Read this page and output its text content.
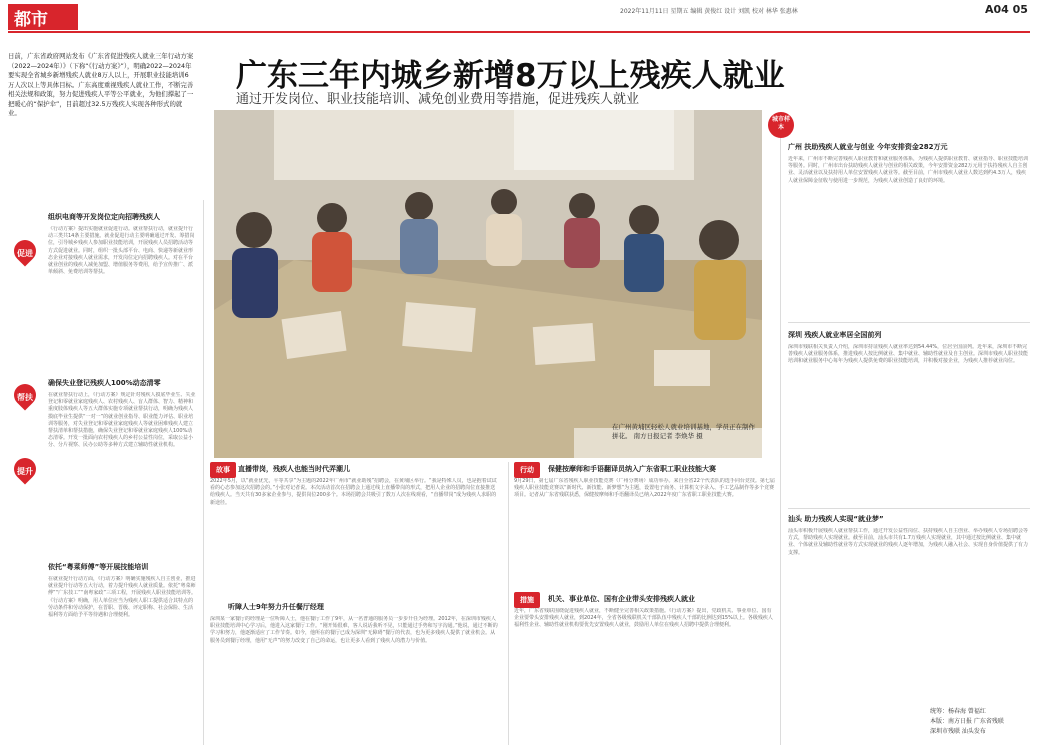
都市	2022年11月11日 星期五 编辑 黄俊红 设计 刘凯 校对 林华 张惠林	A04 05
日前，广东省政府网站发布《广东省促进残疾人就业三年行动方案（2022—2024年）》（下称“《行动方案》”），明确2022—2024年要实现全省城乡新增残疾人就业8万人以上，开展职业技能培训6万人次以上等具体目标。广东高度重视残疾人就业工作，不断完善相关法规和政策，努力促进残疾人平等公平就业，为他们撑起了一把暖心的“保护伞”，目前超过32.5万残疾人实现各种形式的就业。
广东三年内城乡新增8万以上残疾人就业
通过开发岗位、职业技能培训、减免创业费用等措施，促进残疾人就业
在广州黄埔区轻松人就业培训基地，学员正在制作拼花。 南方日报记者 李焕华 摄
促进
组织电商等开发岗位定向招聘残疾人
《行动方案》提出实施就业促进行动。就业帮扶行动，就业提升行动三类共14条主要措施。就业促进行动主要明确通过开发、筹措岗位，引导城乡残疾人参加职业技能培训，开展残疾人员招聘活动等方式促进就业。同时，组织一批头部平台、电商、快递等新就业形态企业对接残疾人就业需求，开发岗位定向招聘残疾人。对在平台就业创业的残疾人减免加盟、增值服务等费用，给予宣传推广、派单倾斜、免费培训等帮扶。
帮扶
确保失业登记残疾人100%动态清零
在就业帮扶行动上，《行动方案》规定针对残疾人摸底毕业生、失业登记和零就业家庭残疾人、农村残疾人、盲人群体、智力、精神和重度肢体残疾人等五大群体实施专项就业帮扶行动，明确为残疾人摸底毕业生提供“一对一”的就业创业指导、职业能力评估、职业培训等服务，对失业登记和零就业家庭残疾人等就业困难残疾人建立帮扶清单和帮扶措施，确保失业登记和零就业家庭残疾人100%动态清零。开发一批面向农村残疾人的乡村公益性岗位，采取公益小分、分片视察、民办公助等多种方式建立辅助性就业机构。
提升
依托“粤菜师傅”等开展技能培训
在就业提升行动方面，《行动方案》明确实施残疾人自主创业，推进就业提升行动等五大行动，着力提升残疾人就业质量。依托“粤菜师傅”“广东技工”“南粤家政”三项工程，开展残疾人职业技能培训等。《行动方案》明确，用人单位应当为残疾人职工提供适合其特点的劳动条件和劳动保护，在晋职、晋级、评定职称、社会保险、生活福利等方面给予平等待遇和合理便利。
故事	直播带岗，残疾人也能当时代弄潮儿
2022年5月，以“就业优先，平等共享”为主题的2022年广州市“就业助残”招聘会，在黄埔区举行。“我是特殊人员，也是抱着试试看的心态参加这次招聘会的。”小张对记者说。本次活动首次在招聘会上通过线上直播带岗的形式，把用人企业的招聘岗位直接推送给残疾人。当天共有30多家企业参与，提供岗位200多个。本场招聘会共吸引了数万人次在线观看，“直播带岗”成为残疾人求职的新途径。
听障人士9年努力升任餐厅经理
深圳某一家餐厅的经理是一位听障人士，他在餐厅工作了9年，从一名普通的服务员一步步升任为经理。2012年，在深圳市残疾人职业技能培训中心学习后，他进入这家餐厅工作。“刚开始很难，客人说话我听不见，只能通过手势和写字沟通。”他说，通过不断的学习和努力，他逐渐适应了工作节奏。如今，他所在的餐厅已成为深圳“无障碍”餐厅的代表，也为更多残疾人提供了就业机会。从服务员到餐厅经理，他用“无声”的努力改变了自己的命运，也让更多人看到了残疾人的潜力与价值。
行动	保健按摩师和手语翻译员纳入广东省职工职业技能大赛
9月29日，第七届广东省残疾人职业技能竞赛（广州分赛场）成功举办。来自全省22个代表队的选手同台竞技。第七届残疾人职业技能竞赛以“新时代、新技能、新梦想”为主题，设置电子商务、计算机文字录入、手工艺品制作等多个竞赛项目。记者从广东省残联获悉，保健按摩师和手语翻译员已纳入2022年度广东省职工职业技能大赛。
措施	机关、事业单位、国有企业带头安排残疾人就业
近年，广东省残联围绕促进残疾人就业，不断健全完善相关政策措施。《行动方案》提出，党政机关、事业单位、国有企业要带头安排残疾人就业，到2024年，全省各级残联机关干部队伍中残疾人干部的比例达到15%以上。各级残疾人福利性企业、辅助性就业机构要优先安置残疾人就业，鼓励用人单位在残疾人招聘中提供合理便利。
城市样本
广州 扶助残疾人就业与创业 今年安排资金282万元
近年来，广州市不断完善残疾人职业教育和就业服务体系，为残疾人提供职业教育、就业指导、职业技能培训等服务。同时，广州市出台扶助残疾人就业与创业的相关政策，今年安排资金282万元用于扶持残疾人自主创业、灵活就业以及扶持用人单位安置残疾人就业等。截至目前，广州市残疾人就业人数达到约4.3万人，残疾人就业保障金征收与使用进一步规范，为残疾人就业创造了良好的环境。
深圳 残疾人就业率居全国前列
深圳市残联相关负责人介绍，深圳市持证残疾人就业率达到54.44%，位居全国前列。近年来，深圳市不断完善残疾人就业服务体系，推进残疾人按比例就业、集中就业、辅助性就业及自主创业。深圳市残疾人职业技能培训和就业服务中心每年为残疾人提供免费的职业技能培训，并积极对接企业，为残疾人推荐就业岗位。
汕头 助力残疾人实现“就业梦”
汕头市积极开展残疾人就业帮扶工作，通过开发公益性岗位、扶持残疾人自主创业、举办残疾人专场招聘会等方式，帮助残疾人实现就业。截至目前，汕头市共有1.7万残疾人实现就业，其中通过按比例就业、集中就业、个体就业及辅助性就业等方式实现就业的残疾人逐年增加，为残疾人融入社会、实现自身价值提供了有力支撑。
统筹：杨春海 曾福红
本版：南方日报 广东省残联
深圳市残联 汕头发布
